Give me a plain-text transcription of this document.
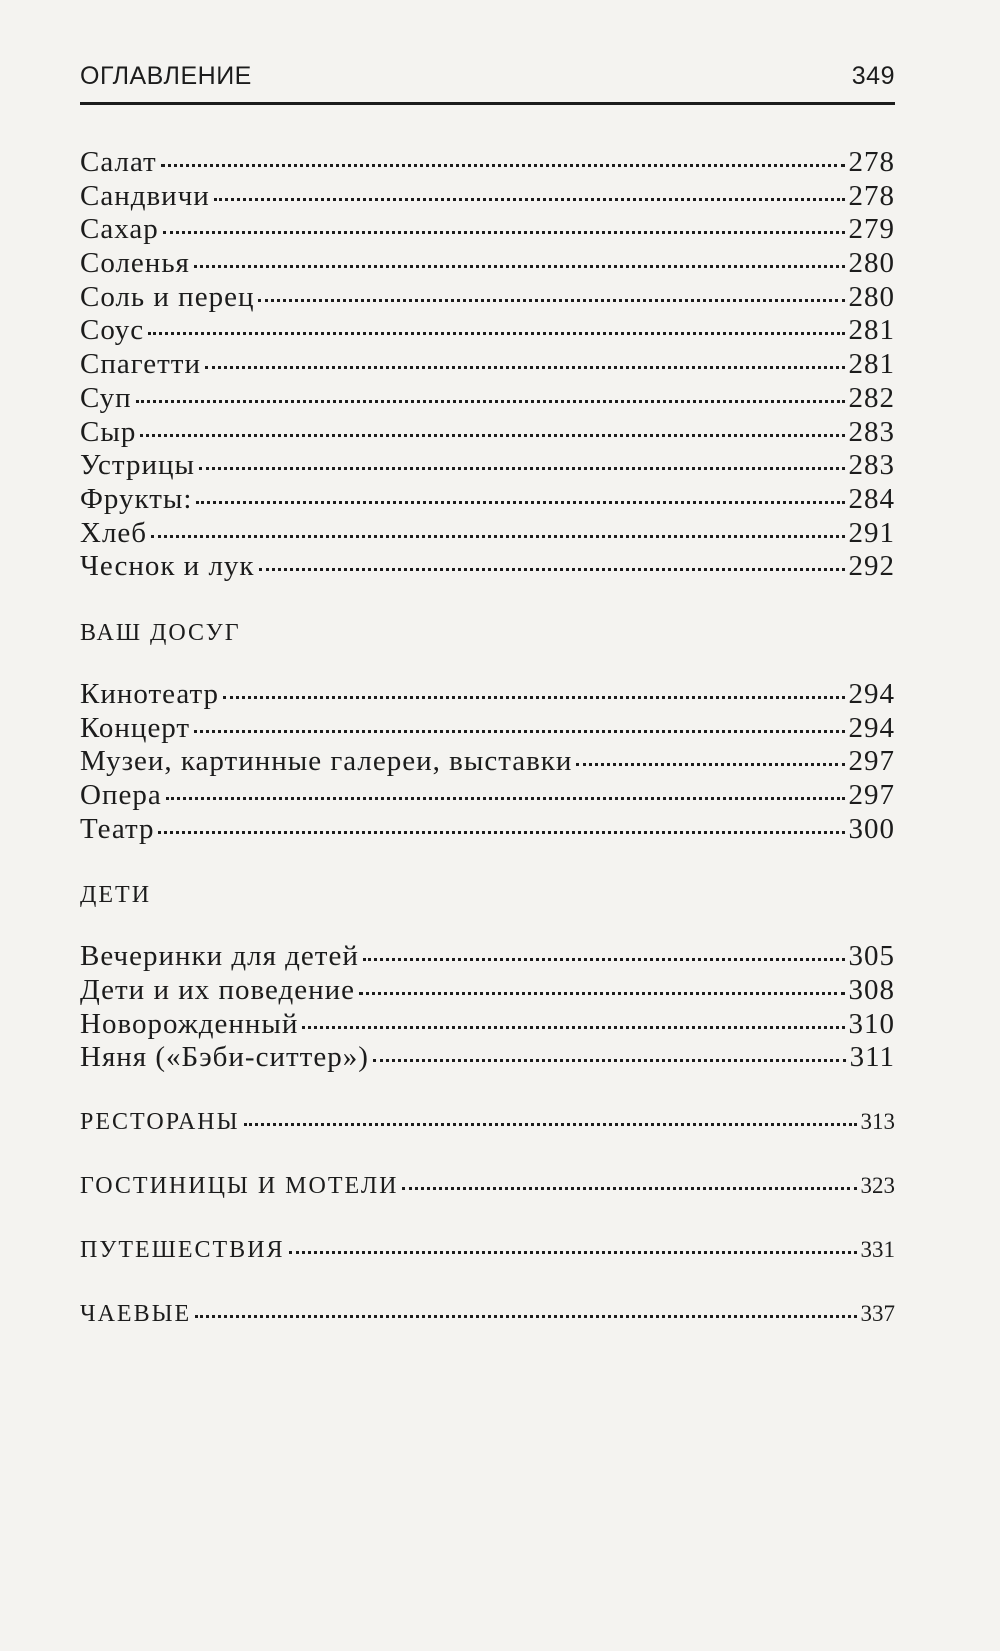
ОГЛАВЛЕНИЕ	349
Салат	278
Сандвичи	278
Сахар	279
Соленья	280
Соль и перец	280
Соус	281
Спагетти	281
Суп	282
Сыр	283
Устрицы	283
Фрукты:	284
Хлеб	291
Чеснок и лук	292
ВАШ ДОСУГ
Кинотеатр	294
Концерт	294
Музеи, картинные галереи, выставки	297
Опера	297
Театр	300
ДЕТИ
Вечеринки для детей	305
Дети и их поведение	308
Новорожденный	310
Няня («Бэби-ситтер»)	311
РЕСТОРАНЫ	313
ГОСТИНИЦЫ И МОТЕЛИ	323
ПУТЕШЕСТВИЯ	331
ЧАЕВЫЕ	337
